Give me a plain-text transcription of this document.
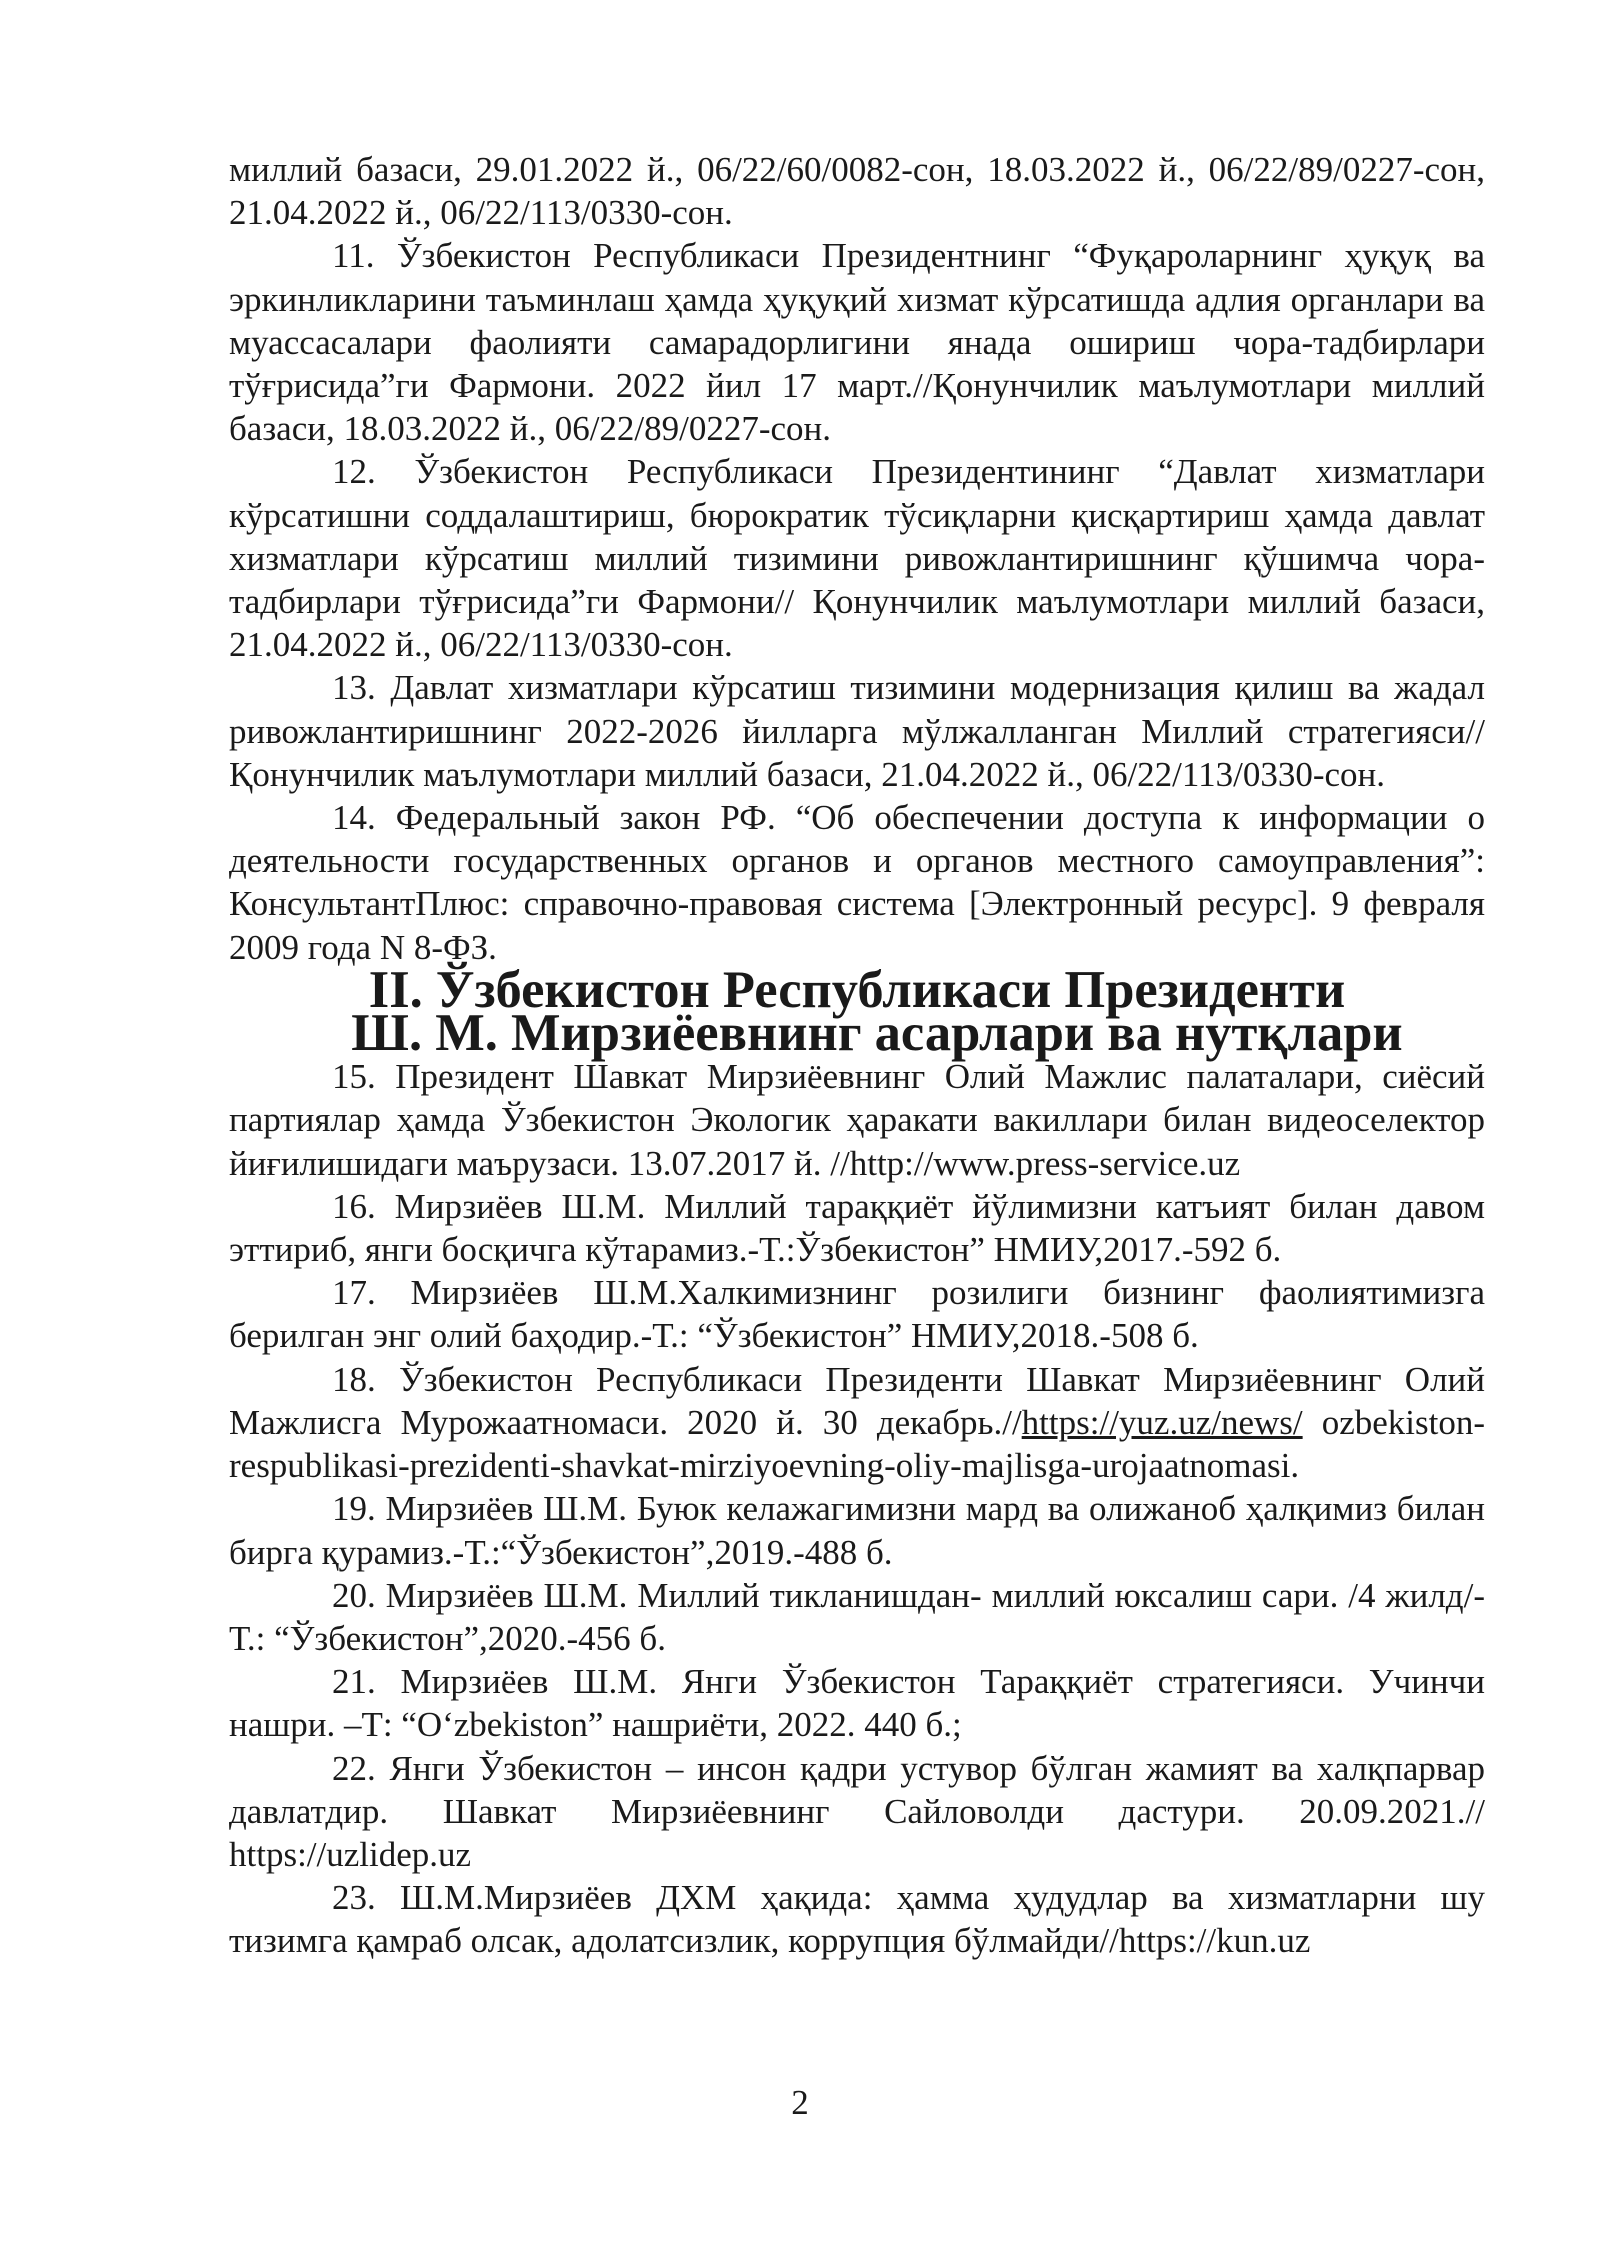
миллий базаси, 29.01.2022 й., 06/22/60/0082-сон, 18.03.2022 й., 06/22/89/0227-сон, 21.04.2022 й., 06/22/113/0330-сон.

11. Ўзбекистон Республикаси Президентнинг “Фуқароларнинг ҳуқуқ ва эркинликларини таъминлаш ҳамда ҳуқуқий хизмат кўрсатишда адлия органлари ва муассасалари фаолияти самарадорлигини янада ошириш чора-тадбирлари тўғрисида”ги Фармони. 2022 йил 17 март.//Қонунчилик маълумотлари миллий базаси, 18.03.2022 й., 06/22/89/0227-сон.

12. Ўзбекистон Республикаси Президентининг “Давлат хизматлари кўрсатишни соддалаштириш, бюрократик тўсиқларни қисқартириш ҳамда давлат хизматлари кўрсатиш миллий тизимини ривожлантиришнинг қўшимча чора-тадбирлари тўғрисида”ги Фармони// Қонунчилик маълумотлари миллий базаси, 21.04.2022 й., 06/22/113/0330-сон.

13. Давлат хизматлари кўрсатиш тизимини модернизация қилиш ва жадал ривожлантиришнинг 2022-2026 йилларга мўлжалланган Миллий стратегияси//Қонунчилик маълумотлари миллий базаси, 21.04.2022 й., 06/22/113/0330-сон.

14. Федеральный закон РФ. “Об обеспечении доступа к информации о деятельности государственных органов и органов местного самоуправления”: КонсультантПлюс: справочно-правовая система [Электронный ресурс]. 9 февраля 2009 года N 8-ФЗ.

II. Ўзбекистон Республикаси Президенти
Ш. М. Мирзиёевнинг асарлари ва нутқлари

15. Президент Шавкат Мирзиёевнинг Олий Мажлис палаталари, сиёсий партиялар ҳамда Ўзбекистон Экологик ҳаракати вакиллари билан видеоселектор йиғилишидаги маърузаси. 13.07.2017 й. //http://www.press-service.uz

16. Мирзиёев Ш.М. Миллий тараққиёт йўлимизни катъият билан давом эттириб, янги босқичга кўтарамиз.-Т.:Ўзбекистон” НМИУ,2017.-592 б.

17. Мирзиёев Ш.М.Халкимизнинг розилиги бизнинг фаолиятимизга берилган энг олий баҳодир.-Т.: “Ўзбекистон” НМИУ,2018.-508 б.

18. Ўзбекистон Республикаси Президенти Шавкат Мирзиёевнинг Олий Мажлисга Мурожаатномаси. 2020 й. 30 декабрь.//https://yuz.uz/news/ ozbekiston-respublikasi-prezidenti-shavkat-mirziyoevning-oliy-majlisga-urojaatnomasi.

19. Мирзиёев Ш.М. Буюк келажагимизни мард ва олижаноб ҳалқимиз билан бирга қурамиз.-Т.:“Ўзбекистон”,2019.-488 б.

20. Мирзиёев Ш.М. Миллий тикланишдан- миллий юксалиш сари. /4 жилд/-Т.: “Ўзбекистон”,2020.-456 б.

21. Мирзиёев Ш.М. Янги Ўзбекистон Тараққиёт стратегияси. Учинчи нашри. –Т: “Oʻzbekiston” нашриёти, 2022. 440 б.;

22. Янги Ўзбекистон – инсон қадри устувор бўлган жамият ва халқпарвар давлатдир. Шавкат Мирзиёевнинг Сайловолди дастури. 20.09.2021.// https://uzlidep.uz

23. Ш.М.Мирзиёев ДХМ ҳақида: ҳамма ҳудудлар ва хизматларни шу тизимга қамраб олсак, адолатсизлик, коррупция бўлмайди//https://kun.uz

2
